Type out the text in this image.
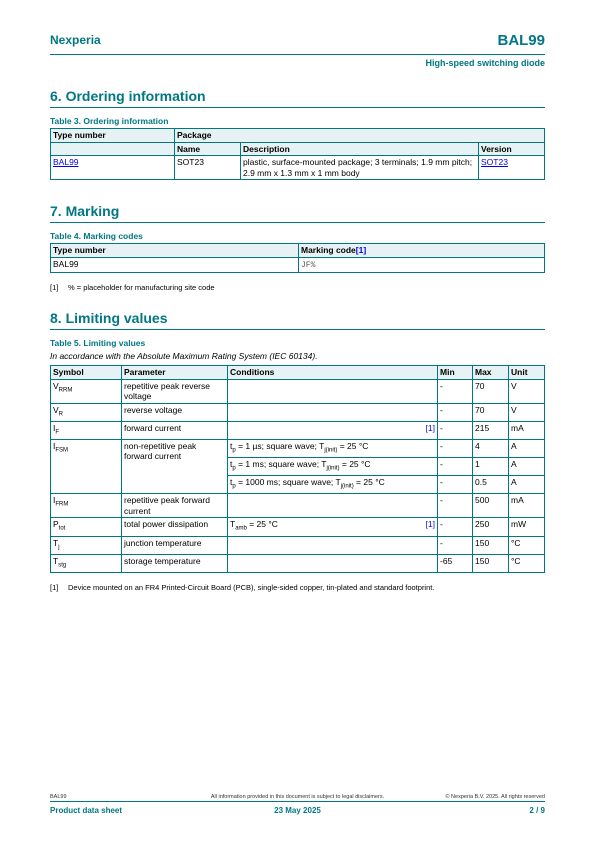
Nexperia	BAL99
High-speed switching diode
6. Ordering information
Table 3. Ordering information
Type number	Package		
	Name	Description	Version
BAL99	SOT23	plastic, surface-mounted package; 3 terminals; 1.9 mm pitch; 2.9 mm x 1.3 mm x 1 mm body	SOT23
7. Marking
Table 4. Marking codes
Type number	Marking code[1]
BAL99	JF%
[1]	% = placeholder for manufacturing site code
8. Limiting values
Table 5. Limiting values
In accordance with the Absolute Maximum Rating System (IEC 60134).
Symbol	Parameter	Conditions	Min	Max	Unit
$V_{RRM}$	repetitive peak reverse voltage		-	70	V
$V_R$	reverse voltage		-	70	V
$I_F$	forward current	[1]	-	215	mA
$I_{FSM}$	non-repetitive peak forward current	$t_p = 1$ µs; square wave; $T_{j(init)} = 25$ °C	-	4	A
		$t_p = 1$ ms; square wave; $T_{j(init)} = 25$ °C	-	1	A
		$t_p = 1000$ ms; square wave; $T_{j(init)} = 25$ °C	-	0.5	A
$I_{FRM}$	repetitive peak forward current		-	500	mA
$P_{tot}$	total power dissipation	$T_{amb} = 25$ °C [1]	-	250	mW
$T_j$	junction temperature		-	150	°C
$T_{stg}$	storage temperature		-65	150	°C
[1]	Device mounted on an FR4 Printed-Circuit Board (PCB), single-sided copper, tin-plated and standard footprint.
BAL99	All information provided in this document is subject to legal disclaimers.	© Nexperia B.V. 2025. All rights reserved
Product data sheet	23 May 2025	2 / 9
